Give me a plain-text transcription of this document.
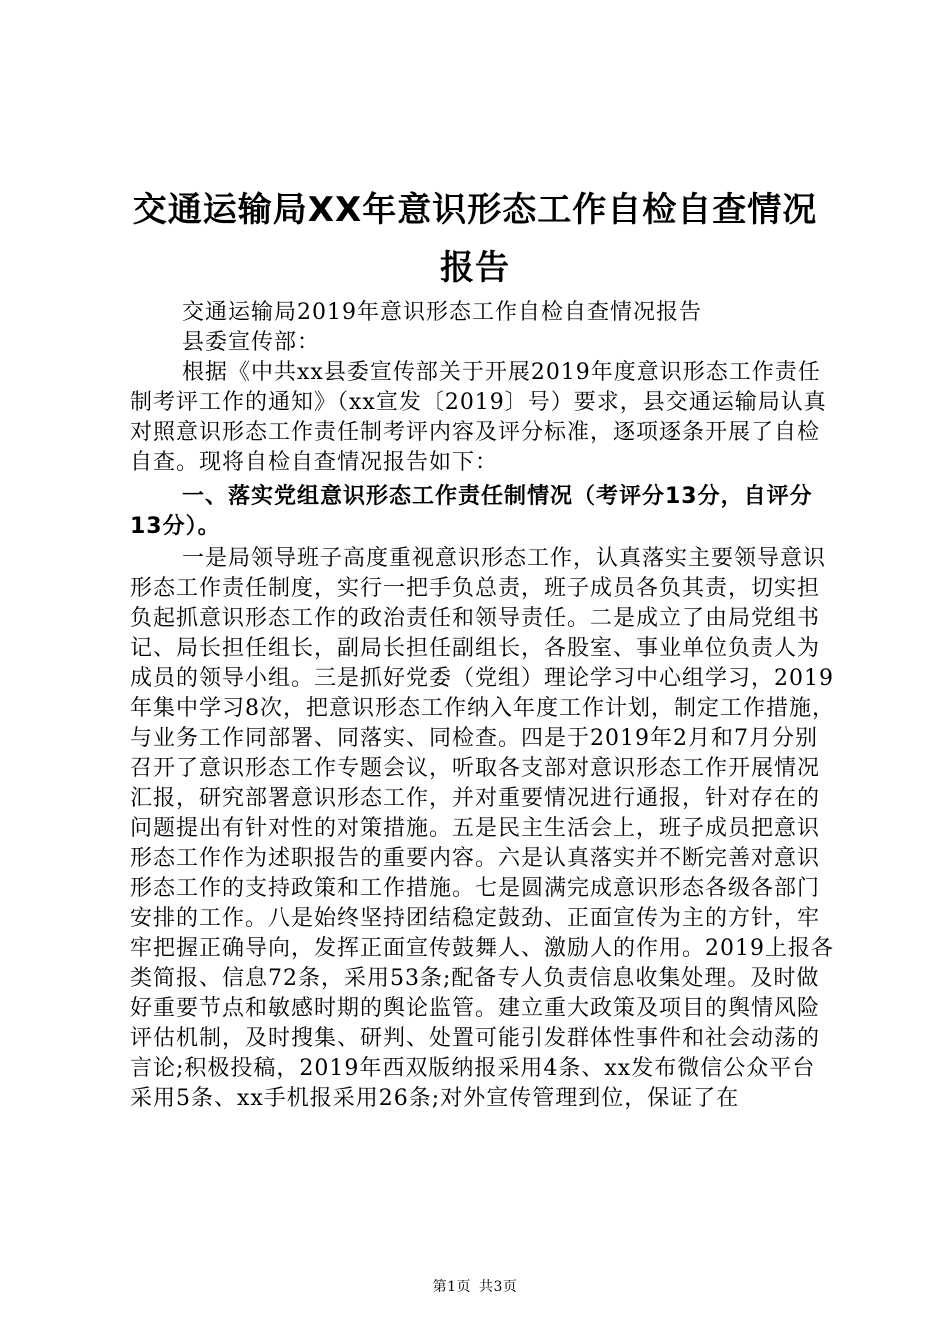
交通运输局XX年意识形态工作自检自查情况
报告

交通运输局2019年意识形态工作自检自查情况报告

县委宣传部：

根据《中共xx县委宣传部关于开展2019年度意识形态工作责任制考评工作的通知》（xx宣发〔2019〕号）要求，县交通运输局认真对照意识形态工作责任制考评内容及评分标准，逐项逐条开展了自检自查。现将自检自查情况报告如下：

一、落实党组意识形态工作责任制情况（考评分13分，自评分13分）。

一是局领导班子高度重视意识形态工作，认真落实主要领导意识形态工作责任制度，实行一把手负总责，班子成员各负其责，切实担负起抓意识形态工作的政治责任和领导责任。二是成立了由局党组书记、局长担任组长，副局长担任副组长，各股室、事业单位负责人为成员的领导小组。三是抓好党委（党组）理论学习中心组学习，2019年集中学习8次，把意识形态工作纳入年度工作计划，制定工作措施，与业务工作同部署、同落实、同检查。四是于2019年2月和7月分别召开了意识形态工作专题会议，听取各支部对意识形态工作开展情况汇报，研究部署意识形态工作，并对重要情况进行通报，针对存在的问题提出有针对性的对策措施。五是民主生活会上，班子成员把意识形态工作作为述职报告的重要内容。六是认真落实并不断完善对意识形态工作的支持政策和工作措施。七是圆满完成意识形态各级各部门安排的工作。八是始终坚持团结稳定鼓劲、正面宣传为主的方针，牢牢把握正确导向，发挥正面宣传鼓舞人、激励人的作用。2019上报各类简报、信息72条，采用53条;配备专人负责信息收集处理。及时做好重要节点和敏感时期的舆论监管。建立重大政策及项目的舆情风险评估机制，及时搜集、研判、处置可能引发群体性事件和社会动荡的言论;积极投稿，2019年西双版纳报采用4条、xx发布微信公众平台采用5条、xx手机报采用26条;对外宣传管理到位，保证了在

第1页 共3页
